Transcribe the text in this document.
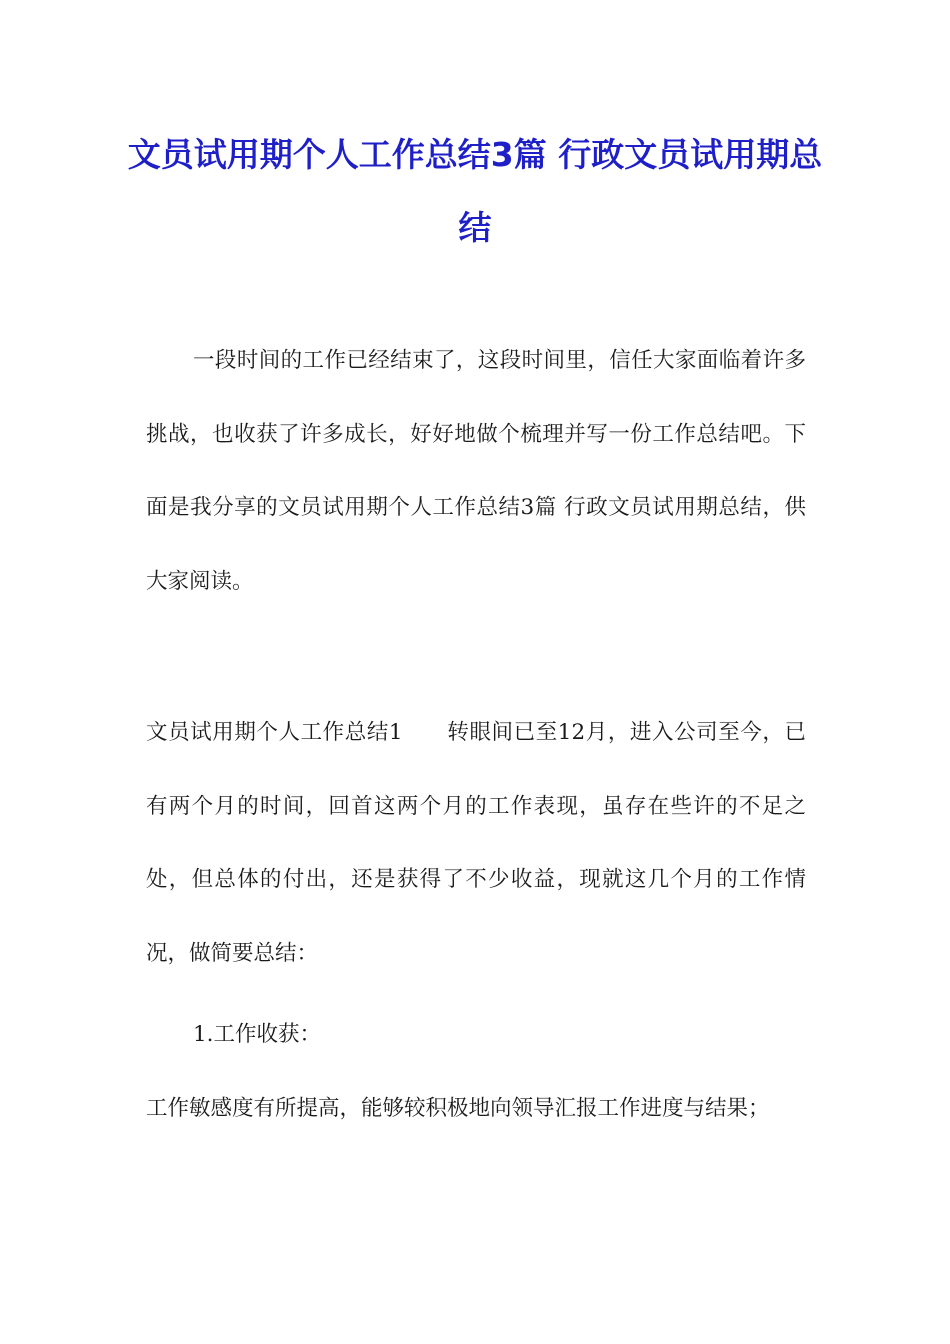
文员试用期个人工作总结3篇 行政文员试用期总结

一段时间的工作已经结束了，这段时间里，信任大家面临着许多挑战，也收获了许多成长，好好地做个梳理并写一份工作总结吧。下面是我分享的文员试用期个人工作总结3篇 行政文员试用期总结，供大家阅读。

文员试用期个人工作总结1　　转眼间已至12月，进入公司至今，已有两个月的时间，回首这两个月的工作表现，虽存在些许的不足之处，但总体的付出，还是获得了不少收益，现就这几个月的工作情况，做简要总结：

1.工作收获：

工作敏感度有所提高，能够较积极地向领导汇报工作进度与结果；
